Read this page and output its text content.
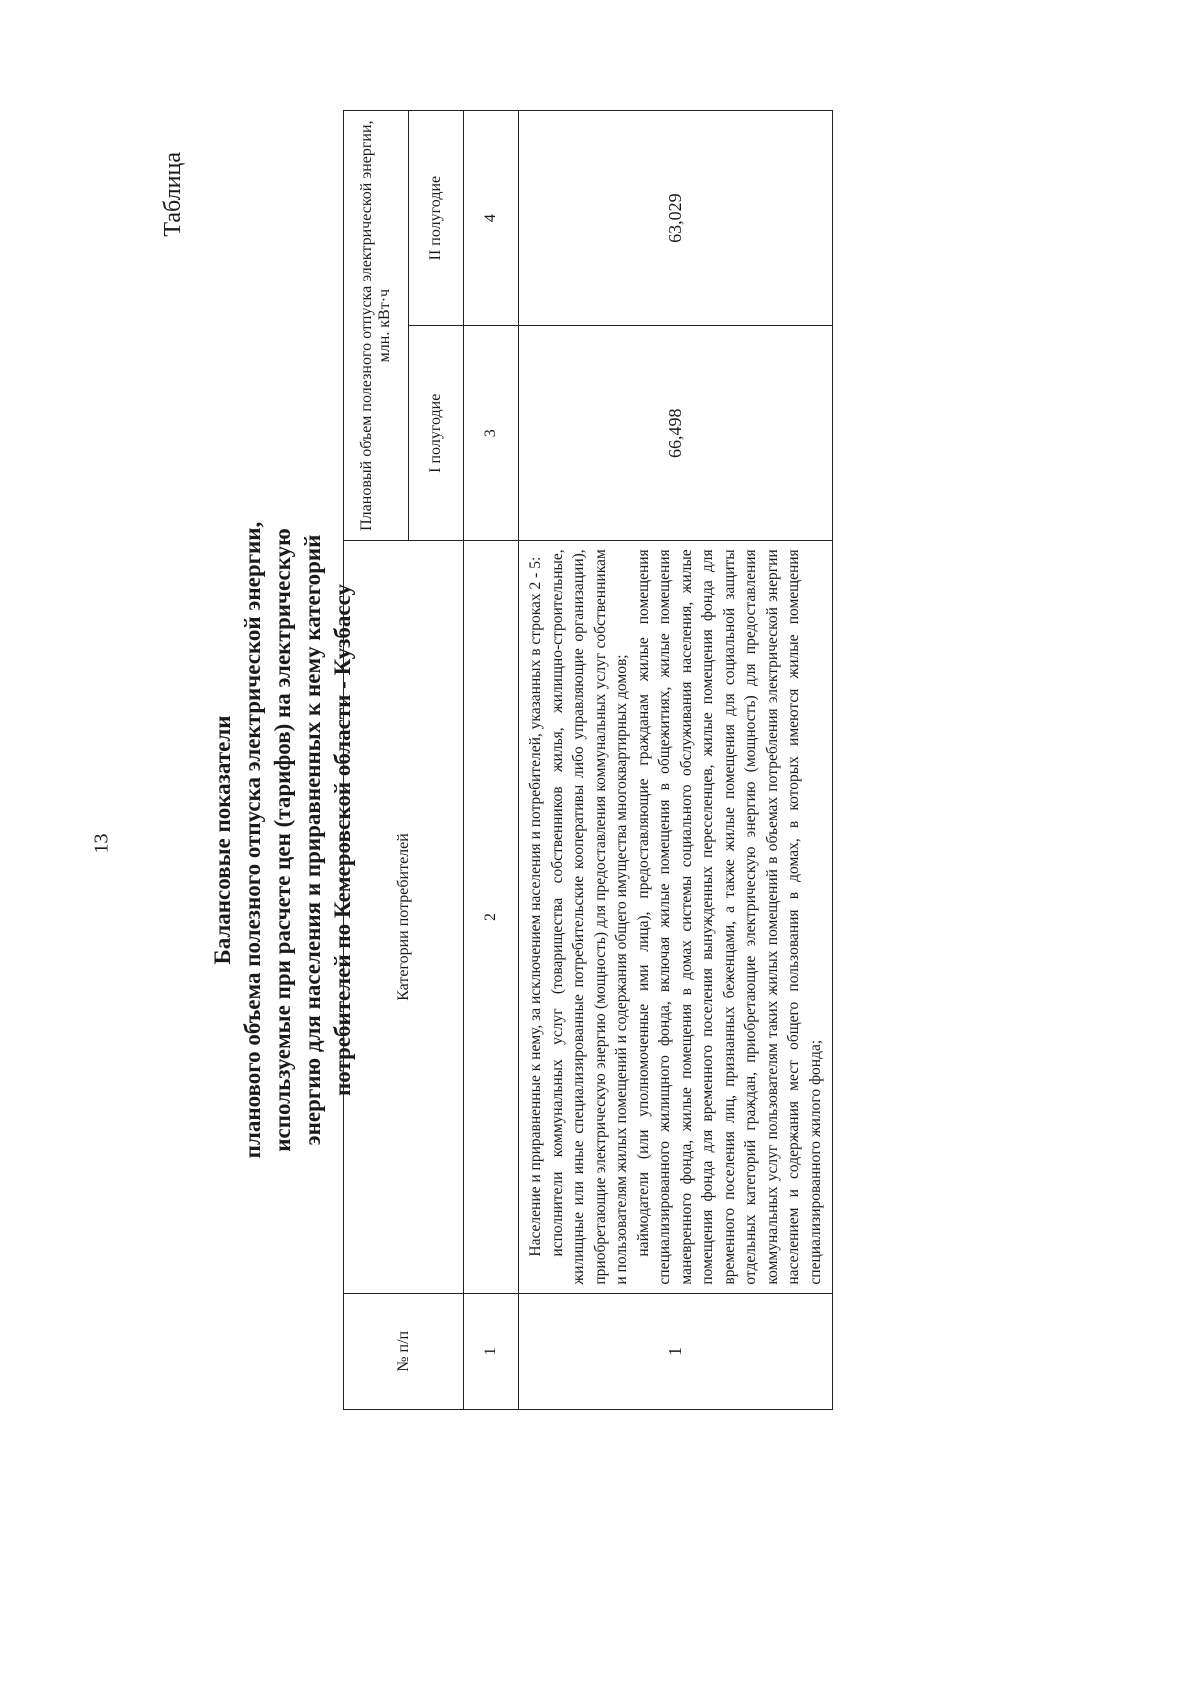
13
Таблица
Балансовые показатели планового объема полезного отпуска электрической энергии, используемые при расчете цен (тарифов) на электрическую энергию для населения и приравненных к нему категорий потребителей по Кемеровской области - Кузбассу
№ п/п	Категории потребителей	Плановый объем полезного отпуска электрической энергии, млн. кВт·ч	
		I полугодие	II полугодие
1	2	3	4
1	Население и приравненные к нему, за исключением населения и потребителей, указанных в строках 2 - 5: исполнители коммунальных услуг (товарищества собственников жилья, жилищно-строительные, жилищные или иные специализированные потребительские кооперативы либо управляющие организации), приобретающие электрическую энергию (мощность) для предоставления коммунальных услуг собственникам и пользователям жилых помещений и содержания общего имущества многоквартирных домов; наймодатели (или уполномоченные ими лица), предоставляющие гражданам жилые помещения специализированного жилищного фонда, включая жилые помещения в общежитиях, жилые помещения маневренного фонда, жилые помещения в домах системы социального обслуживания населения, жилые помещения фонда для временного поселения вынужденных переселенцев, жилые помещения фонда для временного поселения лиц, признанных беженцами, а также жилые помещения для социальной защиты отдельных категорий граждан, приобретающие электрическую энергию (мощность) для предоставления коммунальных услуг пользователям таких жилых помещений в объемах потребления электрической энергии населением и содержания мест общего пользования в домах, в которых имеются жилые помещения специализированного жилого фонда;	66,498	63,029
